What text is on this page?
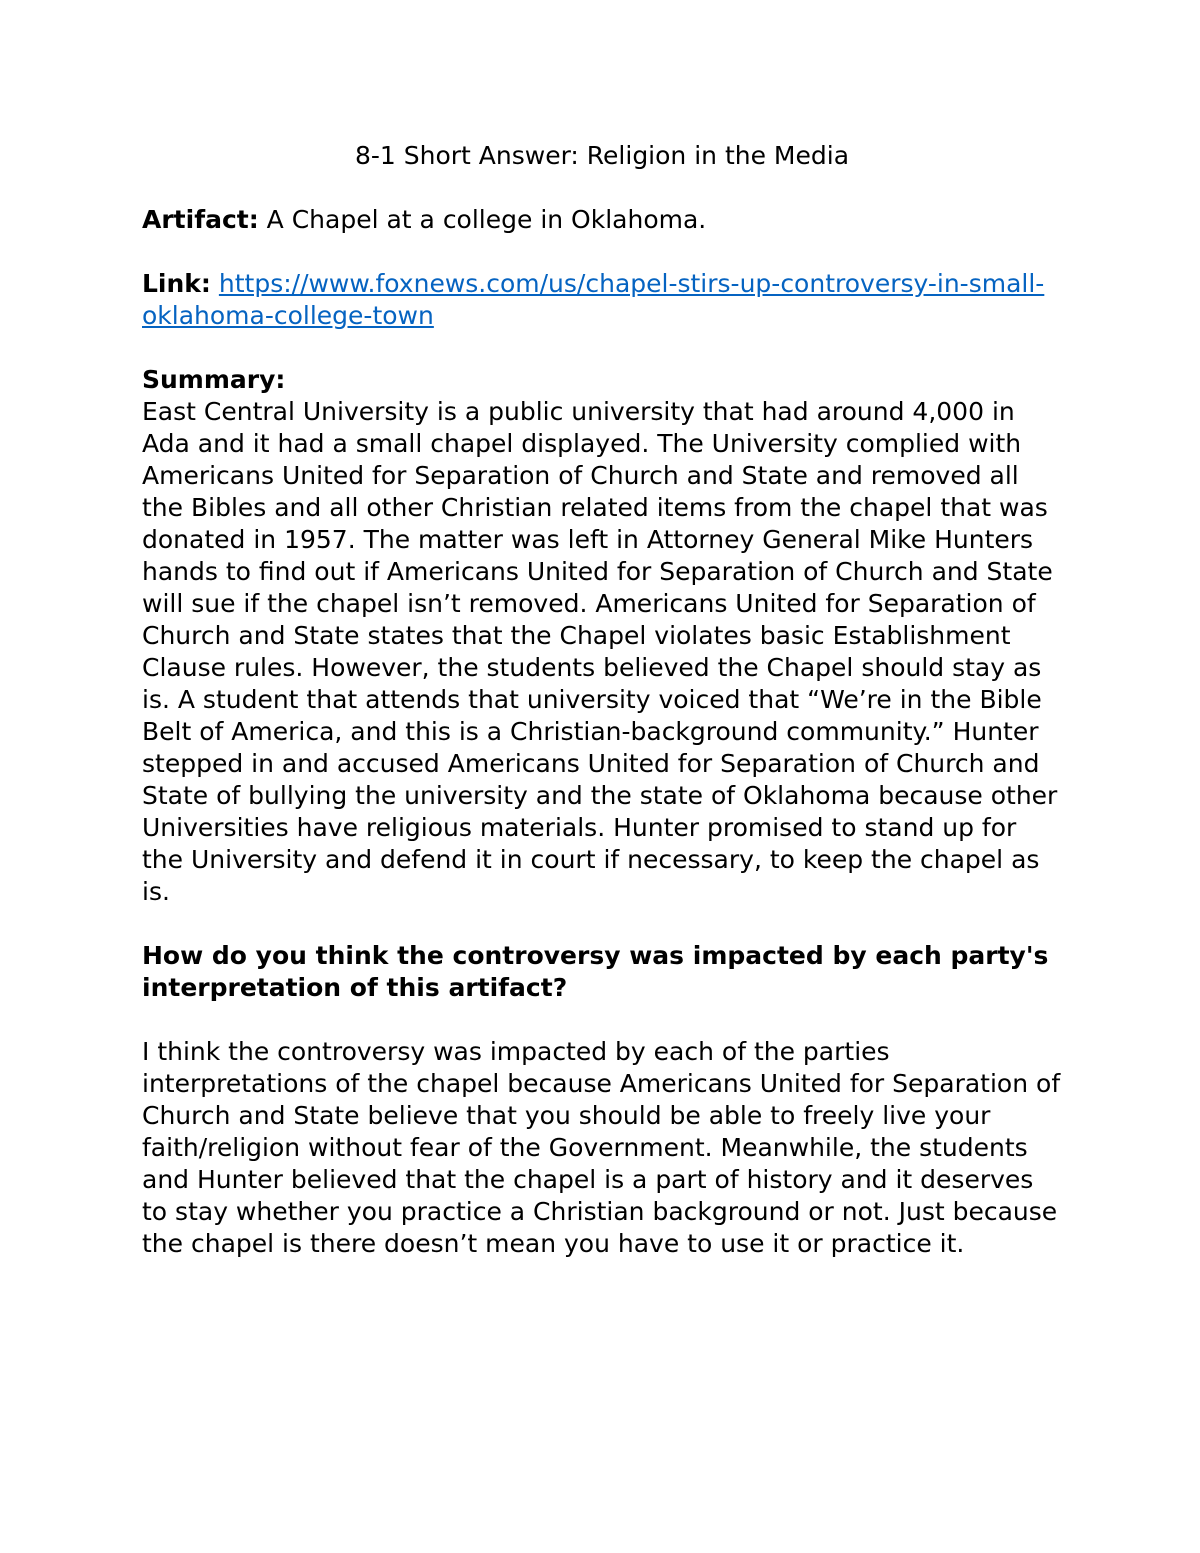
8-1 Short Answer: Religion in the Media

Artifact: A Chapel at a college in Oklahoma.

Link: https://www.foxnews.com/us/chapel-stirs-up-controversy-in-small-oklahoma-college-town

Summary:

East Central University is a public university that had around 4,000 in Ada and it had a small chapel displayed. The University complied with Americans United for Separation of Church and State and removed all the Bibles and all other Christian related items from the chapel that was donated in 1957. The matter was left in Attorney General Mike Hunters hands to find out if Americans United for Separation of Church and State will sue if the chapel isn’t removed. Americans United for Separation of Church and State states that the Chapel violates basic Establishment Clause rules. However, the students believed the Chapel should stay as is. A student that attends that university voiced that “We’re in the Bible Belt of America, and this is a Christian-background community.” Hunter stepped in and accused Americans United for Separation of Church and State of bullying the university and the state of Oklahoma because other Universities have religious materials. Hunter promised to stand up for the University and defend it in court if necessary, to keep the chapel as is.

How do you think the controversy was impacted by each party's interpretation of this artifact?

I think the controversy was impacted by each of the parties interpretations of the chapel because Americans United for Separation of Church and State believe that you should be able to freely live your faith/religion without fear of the Government. Meanwhile, the students and Hunter believed that the chapel is a part of history and it deserves to stay whether you practice a Christian background or not. Just because the chapel is there doesn’t mean you have to use it or practice it.
